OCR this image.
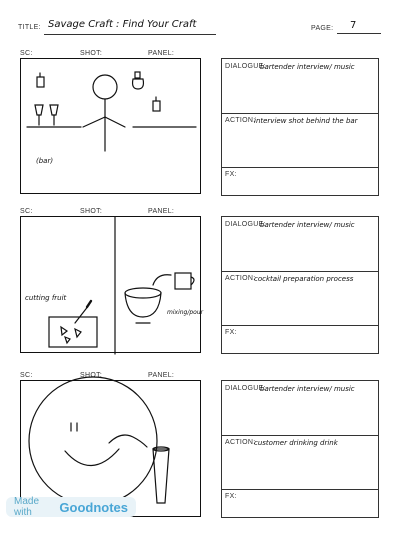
TITLE: Savage Craft : Find Your Craft	PAGE: 7
SC:	SHOT:	PANEL:
(bar)
DIALOGUE:
bartender interview/ music
ACTION:
interview shot behind the bar
FX:
SC:	SHOT:	PANEL:
cutting fruit
mixing/pour
DIALOGUE:
bartender interview/ music
ACTION:
cocktail preparation process
FX:
SC:	SHOT:	PANEL:
DIALOGUE:
bartender interview/ music
ACTION:
customer drinking drink
FX:
Made with	Goodnotes
